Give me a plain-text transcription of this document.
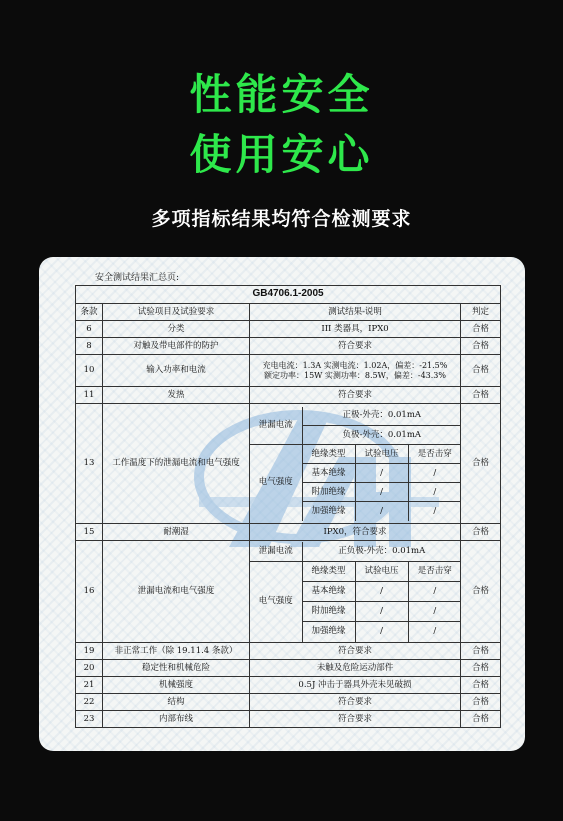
性能安全
使用安心
多项指标结果均符合检测要求
安全测试结果汇总页:
GB4706.1-2005
条款	试验项目及试验要求	测试结果-说明	判定
6	分类	III 类器具，IPX0	合格
8	对触及带电部件的防护	符合要求	合格
10	输入功率和电流	
充电电流：1.3A 实测电流：1.02A，偏差：-21.5%
额定功率：15W 实测功率：8.5W，偏差：-43.3%	合格
11	发热	符合要求	合格
13	工作温度下的泄漏电流和电气强度	
泄漏电流	正极-外壳：0.01mA
负极-外壳：0.01mA
电气强度	绝缘类型	试验电压	是否击穿
基本绝缘	/	/
附加绝缘	/	/
加强绝缘	/	/
	合格
15	耐潮湿	IPX0，符合要求	合格
16	泄漏电流和电气强度	
泄漏电流	正负极-外壳：0.01mA
电气强度	绝缘类型	试验电压	是否击穿
基本绝缘	/	/
附加绝缘	/	/
加强绝缘	/	/
	合格
19	非正常工作（除 19.11.4 条款）	符合要求	合格
20	稳定性和机械危险	未触及危险运动部件	合格
21	机械强度	0.5J 冲击于器具外壳未见破损	合格
22	结构	符合要求	合格
23	内部布线	符合要求	合格
